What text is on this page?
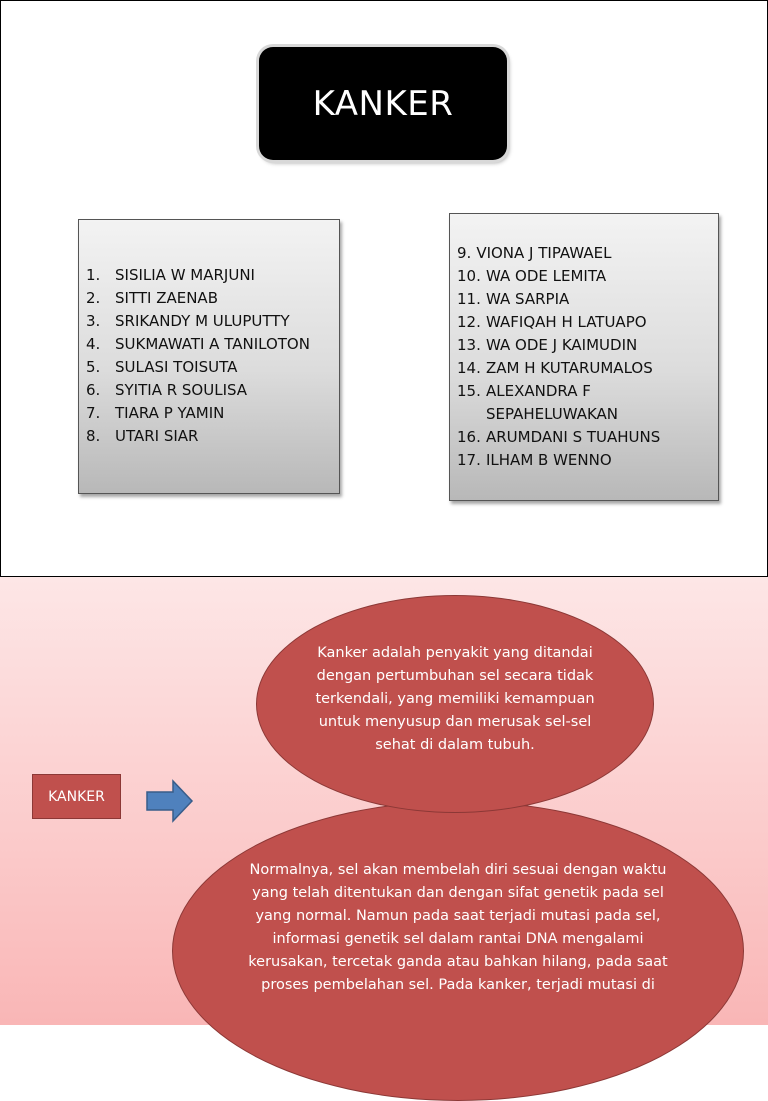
KANKER
1. SISILIA W MARJUNI
2. SITTI ZAENAB
3. SRIKANDY M ULUPUTTY
4. SUKMAWATI A TANILOTON
5. SULASI TOISUTA
6. SYITIA R SOULISA
7. TIARA P YAMIN
8. UTARI SIAR
9. VIONA J TIPAWAEL
10. WA ODE LEMITA
11. WA SARPIA
12. WAFIQAH H LATUAPO
13. WA ODE J KAIMUDIN
14. ZAM H KUTARUMALOS
15. ALEXANDRA F SEPAHELUWAKAN
16. ARUMDANI S TUAHUNS
17. ILHAM B WENNO
KANKER

Normalnya, sel akan membelah diri sesuai dengan waktu yang telah ditentukan dan dengan sifat genetik pada sel yang normal. Namun pada saat terjadi mutasi pada sel, informasi genetik sel dalam rantai DNA mengalami kerusakan, tercetak ganda atau bahkan hilang, pada saat proses pembelahan sel. Pada kanker, terjadi mutasi di

Kanker adalah penyakit yang ditandai dengan pertumbuhan sel secara tidak terkendali, yang memiliki kemampuan untuk menyusup dan merusak sel-sel sehat di dalam tubuh.
